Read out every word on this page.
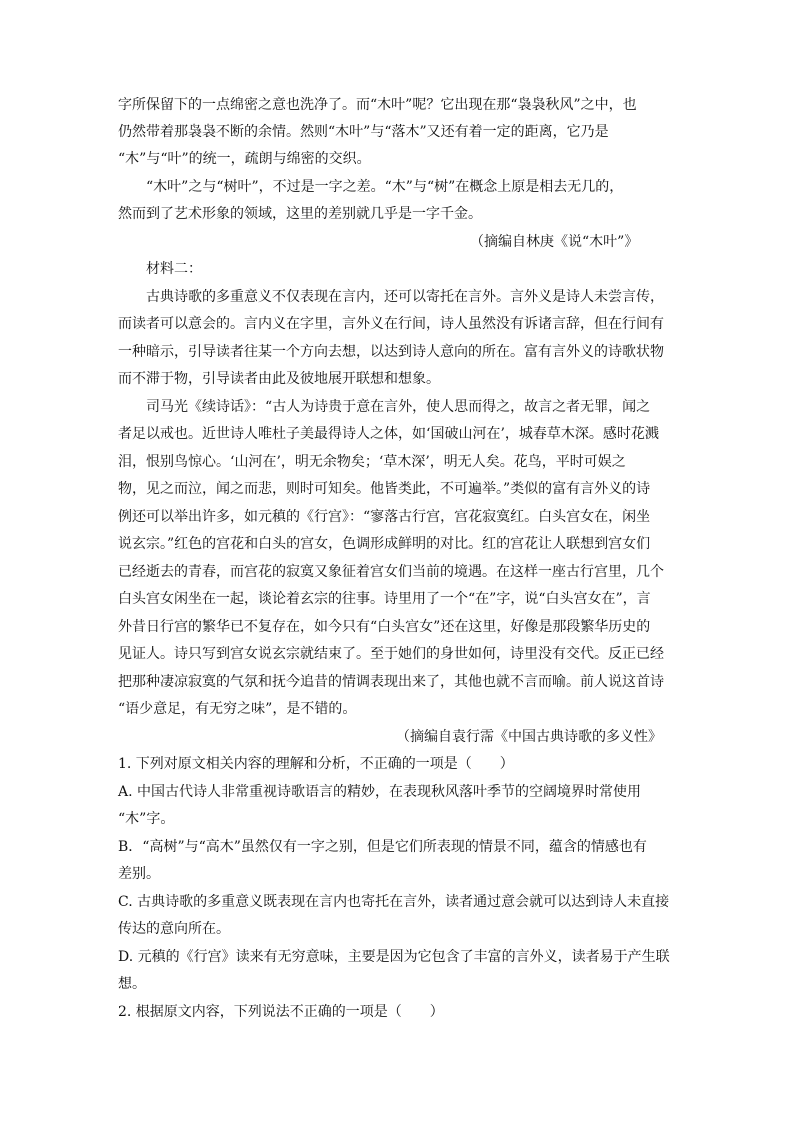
字所保留下的一点绵密之意也洗净了。而“木叶”呢？它出现在那“袅袅秋风”之中，也
仍然带着那袅袅不断的余情。然则“木叶”与“落木”又还有着一定的距离，它乃是
“木”与“叶”的统一，疏朗与绵密的交织。
“木叶”之与“树叶”，不过是一字之差。“木”与“树”在概念上原是相去无几的，
然而到了艺术形象的领域，这里的差别就几乎是一字千金。
（摘编自林庚《说“木叶”》
材料二：
古典诗歌的多重意义不仅表现在言内，还可以寄托在言外。言外义是诗人未尝言传，
而读者可以意会的。言内义在字里，言外义在行间，诗人虽然没有诉诸言辞，但在行间有
一种暗示，引导读者往某一个方向去想，以达到诗人意向的所在。富有言外义的诗歌状物
而不滞于物，引导读者由此及彼地展开联想和想象。
司马光《续诗话》：“古人为诗贵于意在言外，使人思而得之，故言之者无罪，闻之
者足以戒也。近世诗人唯杜子美最得诗人之体，如‘国破山河在’，城春草木深。感时花溅
泪，恨别鸟惊心。‘山河在’，明无余物矣；‘草木深’，明无人矣。花鸟，平时可娱之
物，见之而泣，闻之而悲，则时可知矣。他皆类此，不可遍举。”类似的富有言外义的诗
例还可以举出许多，如元稹的《行宫》：“寥落古行宫，宫花寂寞红。白头宫女在，闲坐
说玄宗。”红色的宫花和白头的宫女，色调形成鲜明的对比。红的宫花让人联想到宫女们
已经逝去的青春，而宫花的寂寞又象征着宫女们当前的境遇。在这样一座古行宫里，几个
白头宫女闲坐在一起，谈论着玄宗的往事。诗里用了一个“在”字，说“白头宫女在”，言
外昔日行宫的繁华已不复存在，如今只有“白头宫女”还在这里，好像是那段繁华历史的
见证人。诗只写到宫女说玄宗就结束了。至于她们的身世如何，诗里没有交代。反正已经
把那种凄凉寂寞的气氛和抚今追昔的情调表现出来了，其他也就不言而喻。前人说这首诗
“语少意足，有无穷之味”，是不错的。
（摘编自袁行霈《中国古典诗歌的多义性》
1. 下列对原文相关内容的理解和分析，不正确的一项是（　　）
A. 中国古代诗人非常重视诗歌语言的精妙，在表现秋风落叶季节的空阔境界时常使用
“木”字。
B．“高树”与“高木”虽然仅有一字之别，但是它们所表现的情景不同，蕴含的情感也有
差别。
C. 古典诗歌的多重意义既表现在言内也寄托在言外，读者通过意会就可以达到诗人未直接
传达的意向所在。
D. 元稹的《行宫》读来有无穷意味，主要是因为它包含了丰富的言外义，读者易于产生联
想。
2. 根据原文内容，下列说法不正确的一项是（　　）
